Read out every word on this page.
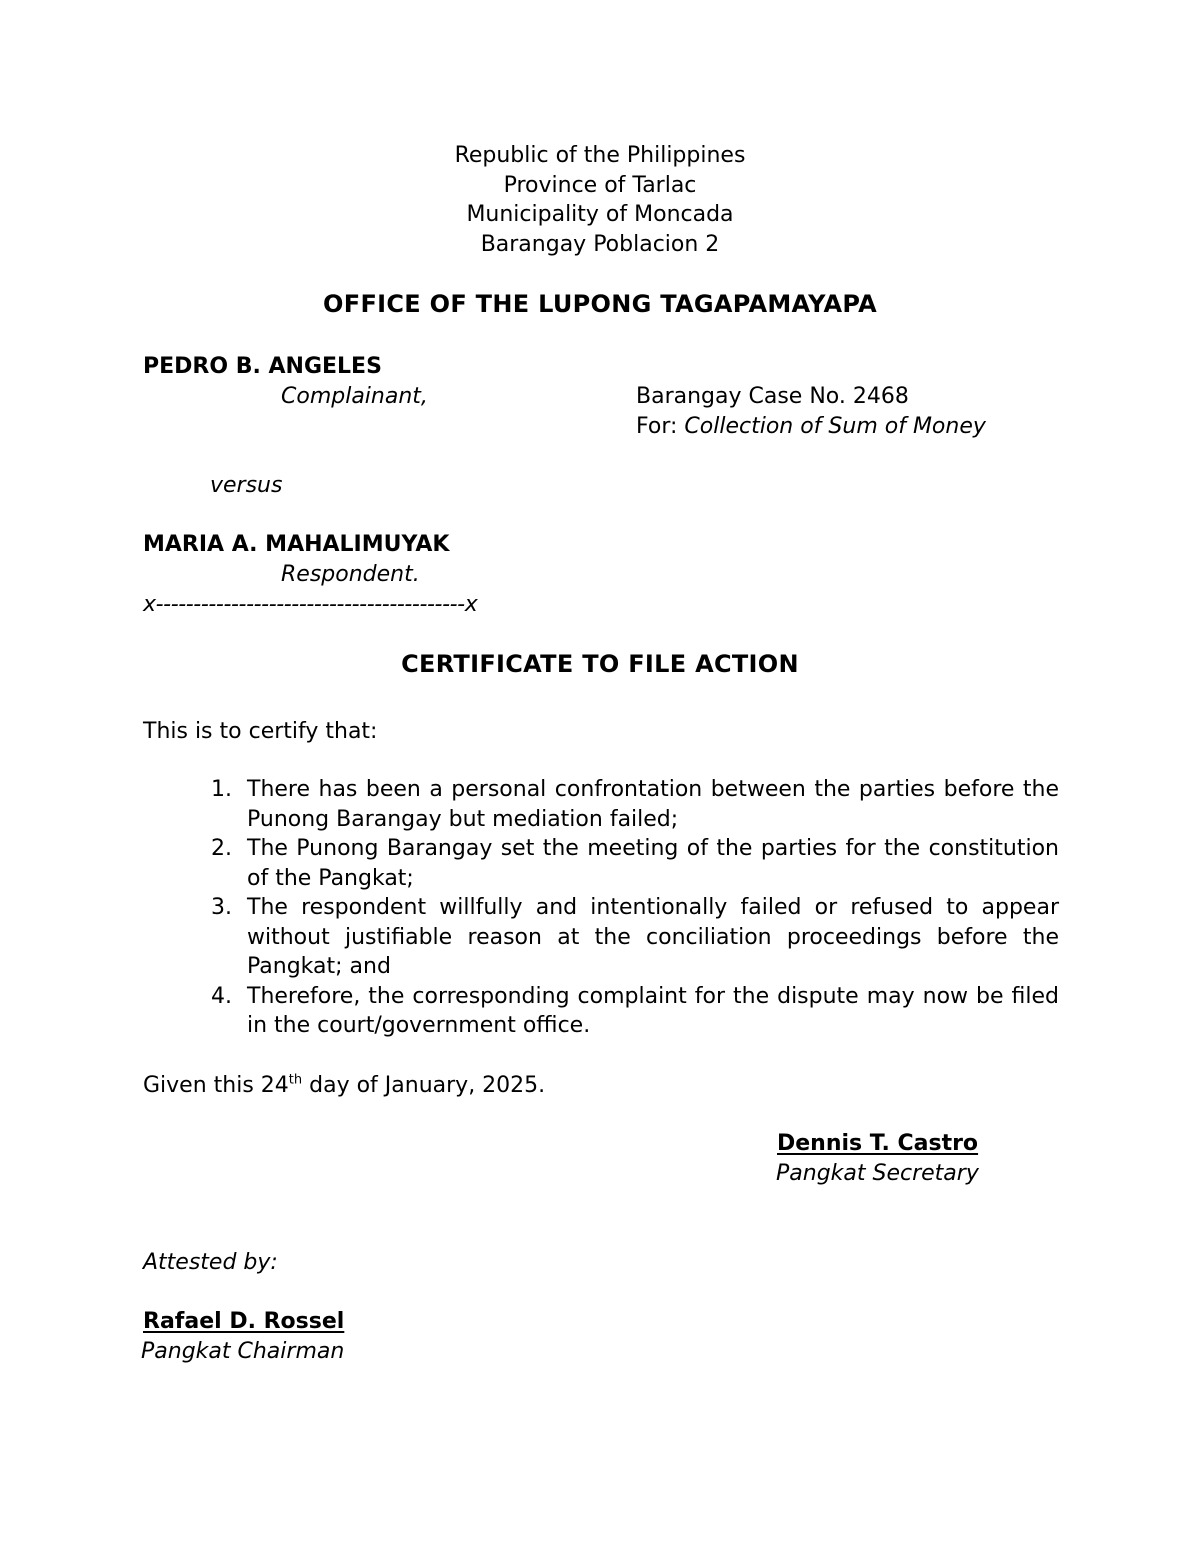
Republic of the Philippines
Province of Tarlac
Municipality of Moncada
Barangay Poblacion 2
OFFICE OF THE LUPONG TAGAPAMAYAPA
PEDRO B. ANGELES
Complainant,	Barangay Case No. 2468
For: Collection of Sum of Money
versus
MARIA A. MAHALIMUYAK
Respondent.
x-----------------------------------------x
CERTIFICATE TO FILE ACTION
This is to certify that:
1. There has been a personal confrontation between the parties before the Punong Barangay but mediation failed;
2. The Punong Barangay set the meeting of the parties for the constitution of the Pangkat;
3. The respondent willfully and intentionally failed or refused to appear without justifiable reason at the conciliation proceedings before the Pangkat; and
4. Therefore, the corresponding complaint for the dispute may now be filed in the court/government office.
Given this 24th day of January, 2025.
Dennis T. Castro
Pangkat Secretary
Attested by:
Rafael D. Rossel
Pangkat Chairman
